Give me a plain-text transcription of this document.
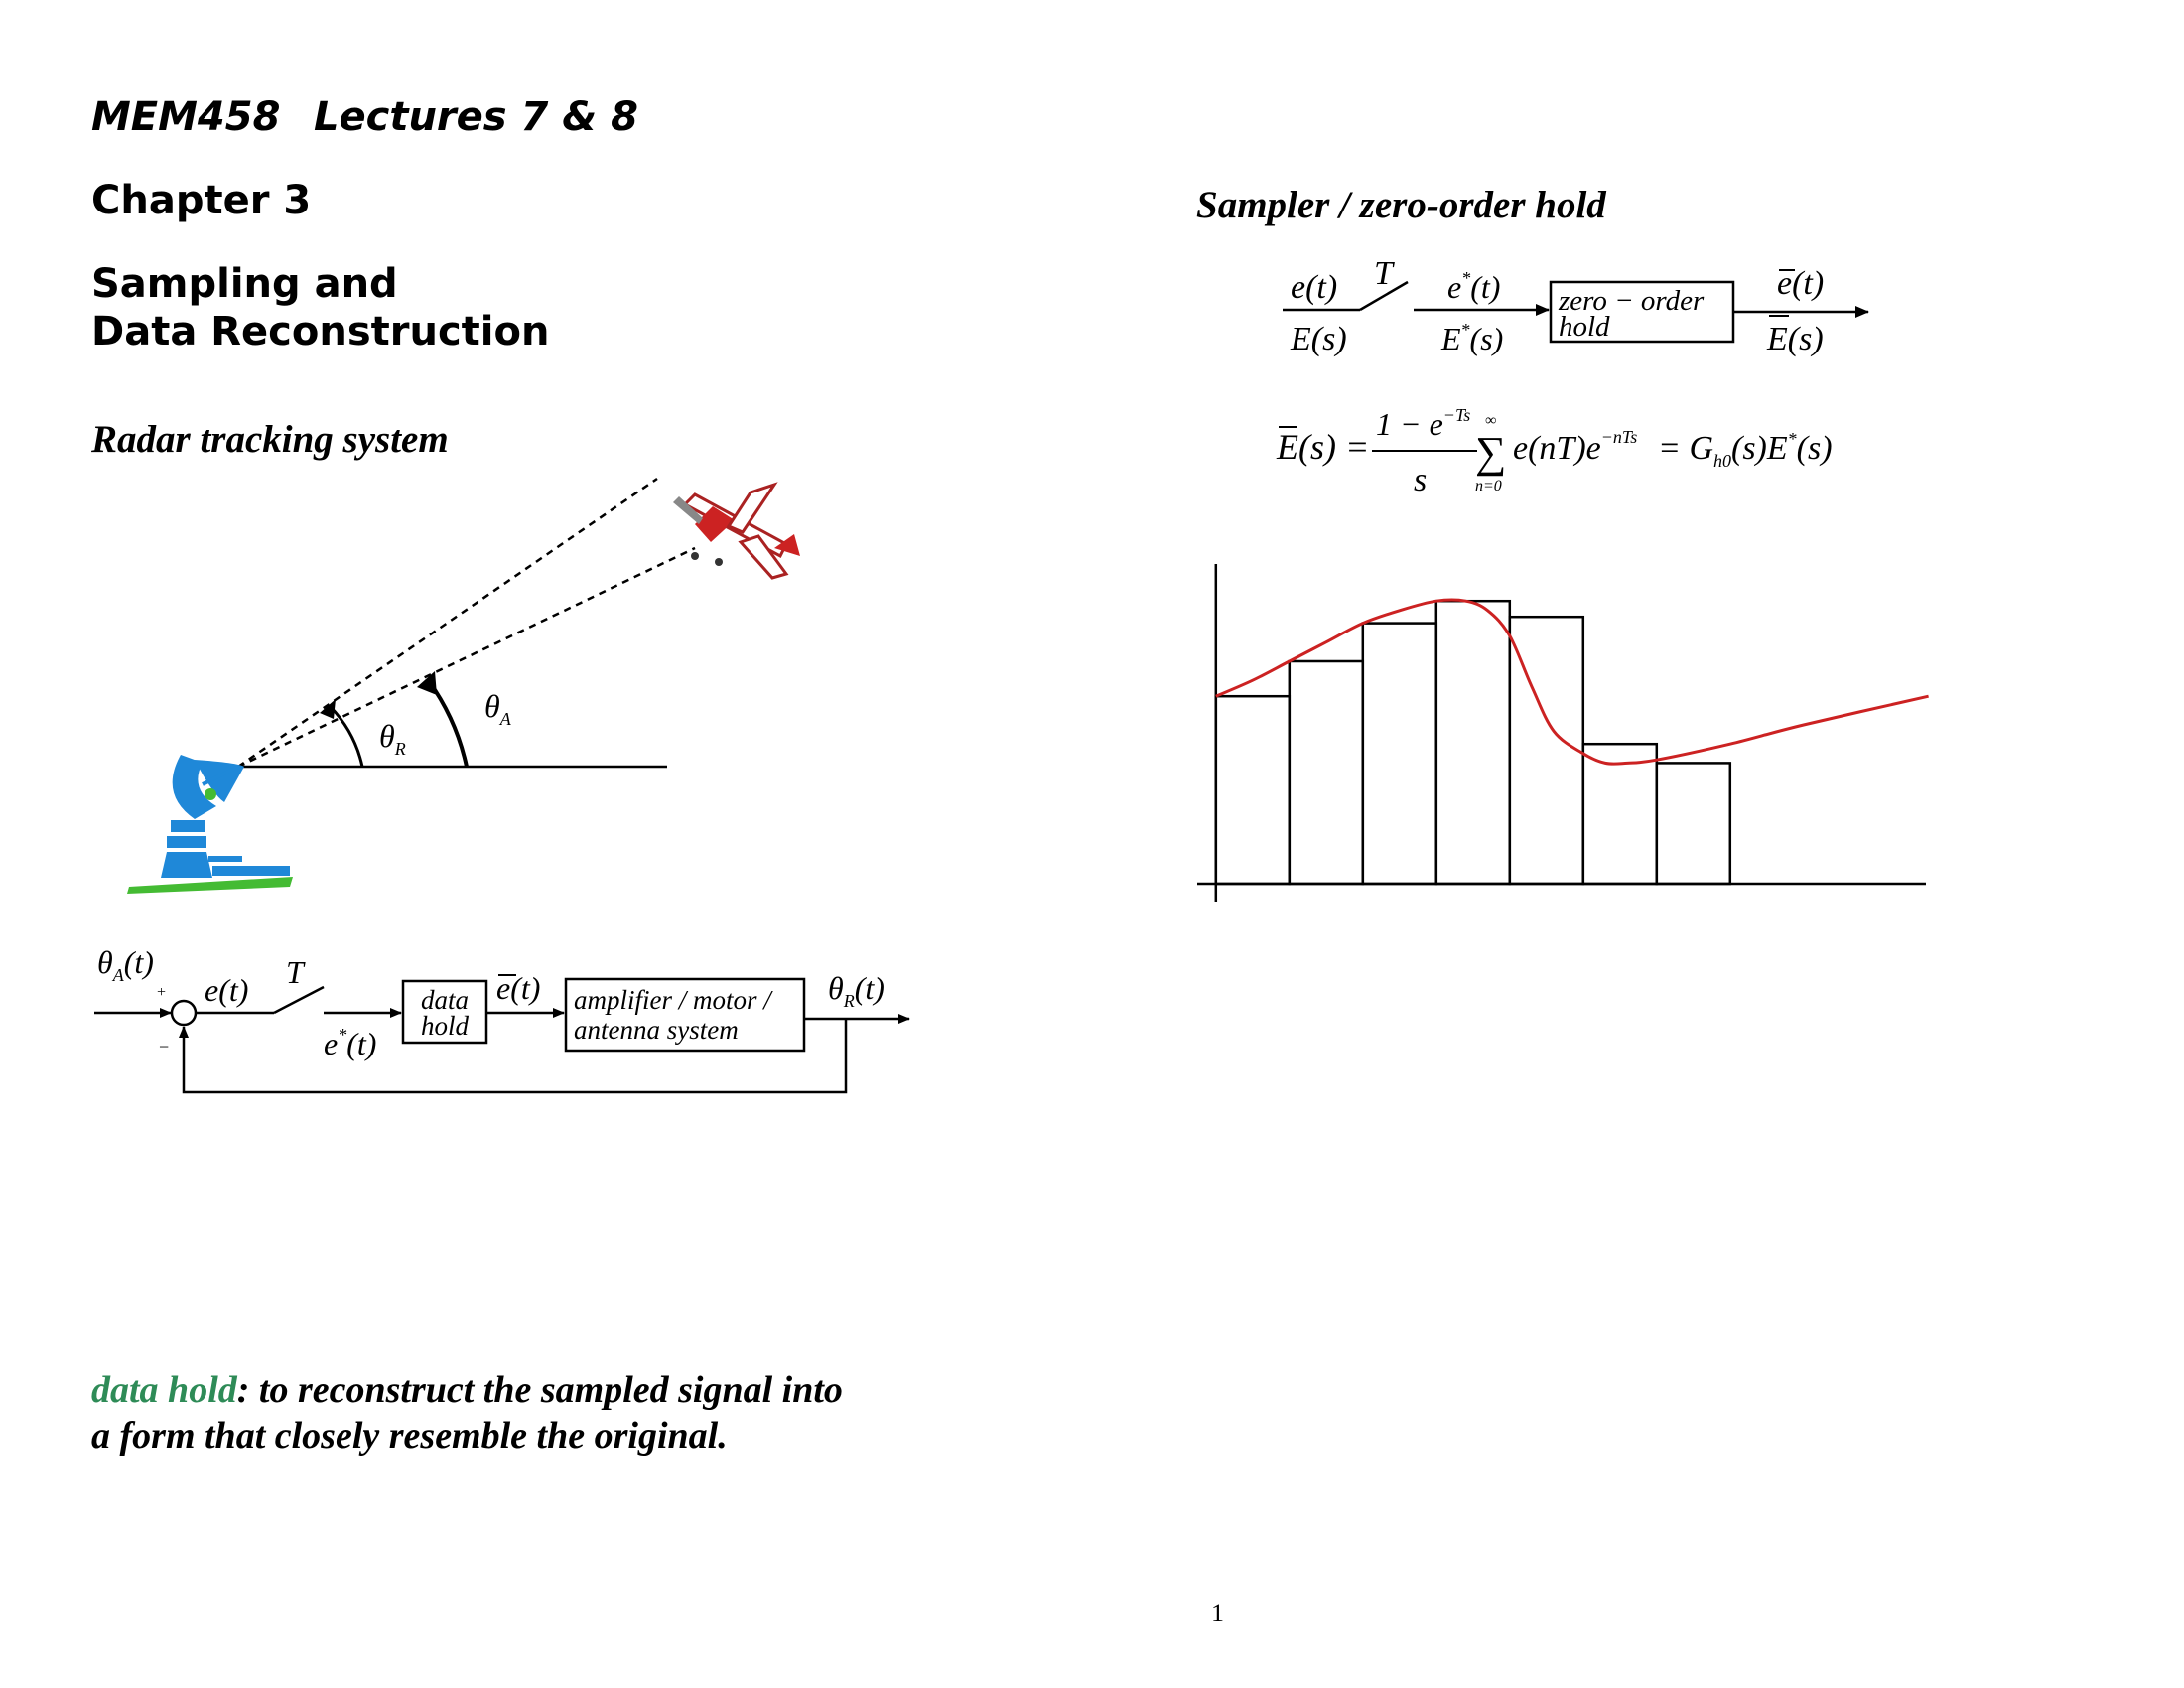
MEM458 Lectures 7 & 8
Chapter 3
Sampling and
Data Reconstruction
Radar tracking system
$\theta_R$
$\theta_A$
$\theta_A(t)$
+
−
e(t) T
e*(t)
data
hold
e(t) amplifier / motor /
antenna system
$\theta_R(t)$
data hold: to reconstruct the sampled signal into
a form that closely resemble the original.
Sampler / zero-order hold
e(t)
E(s)
T e*(t)
E*(s)
zero − order
hold
e(t)
E(s)
E(s) =
$1 - e^{-Ts}$
s
∞
∑
n=0
$e(nT)e^{-nTs} = G_{h0}(s)E^*(s)$
1
